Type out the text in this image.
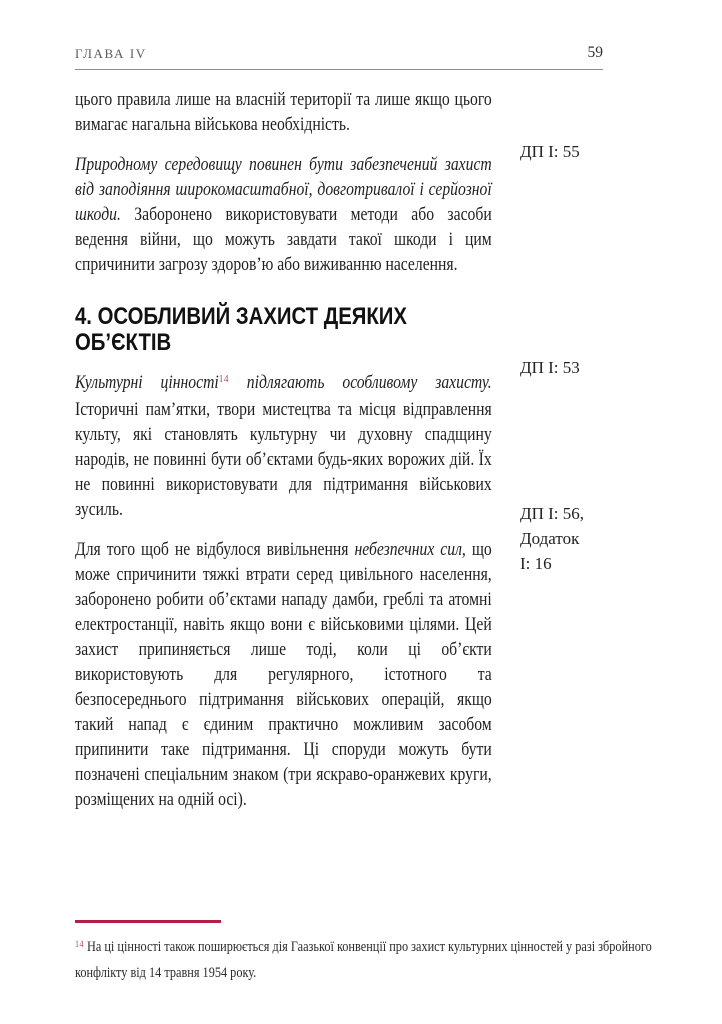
ГЛАВА IV	59

цього правила лише на власній території та лише якщо цього вимагає нагальна військова необхідність.

Природному середовищу повинен бути забезпечений захист від заподіяння широкомасштабної, довготривалої і серйозної шкоди. Заборонено використовувати методи або засоби ведення війни, що можуть завдати такої шкоди і цим спричинити загрозу здоров’ю або виживанню населення.

4. ОСОБЛИВИЙ ЗАХИСТ ДЕЯКИХ ОБ’ЄКТІВ

Культурні цінності$^{14}$ підлягають особливому захисту. Історичні пам’ятки, твори мистецтва та місця відправлення культу, які становлять культурну чи духовну спадщину народів, не повинні бути об’єктами будь-яких ворожих дій. Їх не повинні використовувати для підтримання військових зусиль.

Для того щоб не відбулося вивільнення небезпечних сил, що може спричинити тяжкі втрати серед цивільного населення, заборонено робити об’єктами нападу дамби, греблі та атомні електростанції, навіть якщо вони є військовими цілями. Цей захист припиняється лише тоді, коли ці об’єкти використовують для регулярного, істотного та безпосереднього підтримання військових операцій, якщо такий напад є єдиним практично можливим засобом припинити таке підтримання. Ці споруди можуть бути позначені спеціальним знаком (три яскраво-оранжевих круги, розміщених на одній осі).

ДП І: 55
ДП І: 53
ДП І: 56,
Додаток
І: 16
$^{14}$ На ці цінності також поширюється дія Гаазької конвенції про захист культурних цінностей у разі збройного конфлікту від 14 травня 1954 року.
